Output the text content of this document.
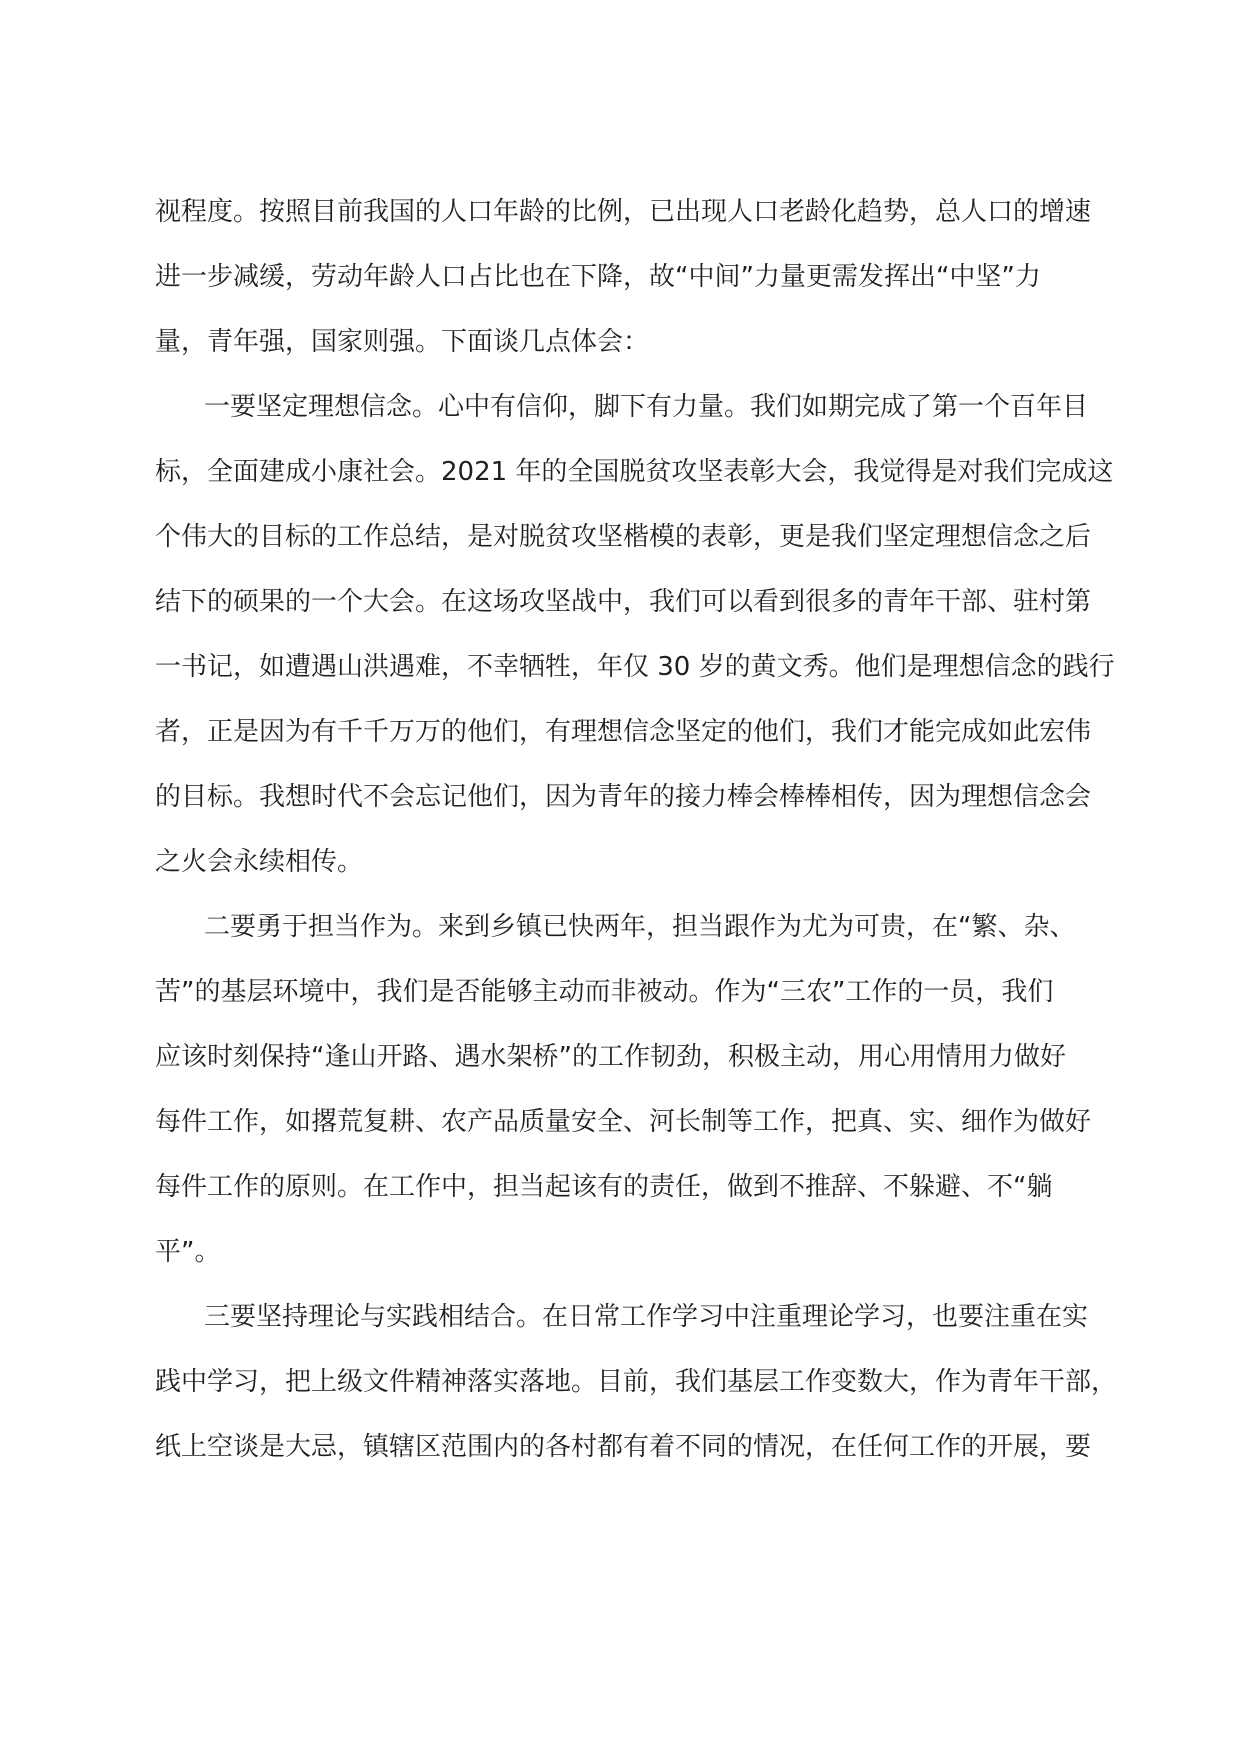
视程度。按照目前我国的人口年龄的比例，已出现人口老龄化趋势，总人口的增速

进一步减缓，劳动年龄人口占比也在下降，故“中间”力量更需发挥出“中坚”力

量，青年强，国家则强。下面谈几点体会：

一要坚定理想信念。心中有信仰，脚下有力量。我们如期完成了第一个百年目

标，全面建成小康社会。2021 年的全国脱贫攻坚表彰大会，我觉得是对我们完成这

个伟大的目标的工作总结，是对脱贫攻坚楷模的表彰，更是我们坚定理想信念之后

结下的硕果的一个大会。在这场攻坚战中，我们可以看到很多的青年干部、驻村第

一书记，如遭遇山洪遇难，不幸牺牲，年仅 30 岁的黄文秀。他们是理想信念的践行

者，正是因为有千千万万的他们，有理想信念坚定的他们，我们才能完成如此宏伟

的目标。我想时代不会忘记他们，因为青年的接力棒会棒棒相传，因为理想信念会

之火会永续相传。

二要勇于担当作为。来到乡镇已快两年，担当跟作为尤为可贵，在“繁、杂、

苦”的基层环境中，我们是否能够主动而非被动。作为“三农”工作的一员，我们

应该时刻保持“逢山开路、遇水架桥”的工作韧劲，积极主动，用心用情用力做好

每件工作，如撂荒复耕、农产品质量安全、河长制等工作，把真、实、细作为做好

每件工作的原则。在工作中，担当起该有的责任，做到不推辞、不躲避、不“躺

平”。

三要坚持理论与实践相结合。在日常工作学习中注重理论学习，也要注重在实

践中学习，把上级文件精神落实落地。目前，我们基层工作变数大，作为青年干部，

纸上空谈是大忌，镇辖区范围内的各村都有着不同的情况，在任何工作的开展，要
